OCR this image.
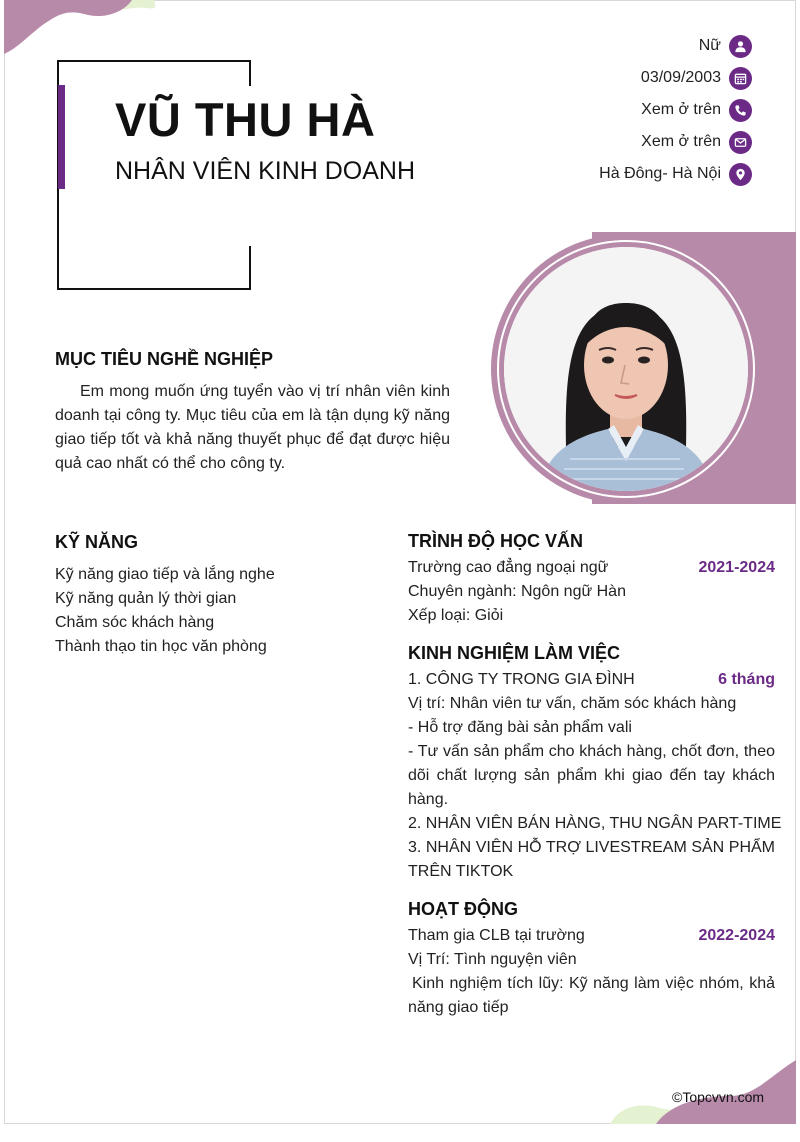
VŨ THU HÀ
NHÂN VIÊN KINH DOANH
Nữ
03/09/2003
Xem ở trên
Xem ở trên
Hà Đông- Hà Nội
MỤC TIÊU NGHỀ NGHIỆP
Em mong muốn ứng tuyển vào vị trí nhân viên kinh doanh tại công ty. Mục tiêu của em là tận dụng kỹ năng giao tiếp tốt và khả năng thuyết phục để đạt được hiệu quả cao nhất có thể cho công ty.
KỸ NĂNG
Kỹ năng giao tiếp và lắng nghe
Kỹ năng quản lý thời gian
Chăm sóc khách hàng
Thành thạo tin học văn phòng
TRÌNH ĐỘ HỌC VẤN
Trường cao đẳng ngoại ngữ	2021-2024
Chuyên ngành: Ngôn ngữ Hàn
Xếp loại: Giỏi
KINH NGHIỆM LÀM VIỆC
1. CÔNG TY TRONG GIA ĐÌNH	6 tháng
Vị trí: Nhân viên tư vấn, chăm sóc khách hàng
- Hỗ trợ đăng bài sản phẩm vali
- Tư vấn sản phẩm cho khách hàng, chốt đơn, theo dõi chất lượng sản phẩm khi giao đến tay khách hàng.
2. NHÂN VIÊN BÁN HÀNG, THU NGÂN PART-TIME
3. NHÂN VIÊN HỖ TRỢ LIVESTREAM SẢN PHẨM TRÊN TIKTOK
HOẠT ĐỘNG
Tham gia CLB tại trường	2022-2024
Vị Trí: Tình nguyện viên
Kinh nghiệm tích lũy: Kỹ năng làm việc nhóm, khả năng giao tiếp
©Topcvvn.com
